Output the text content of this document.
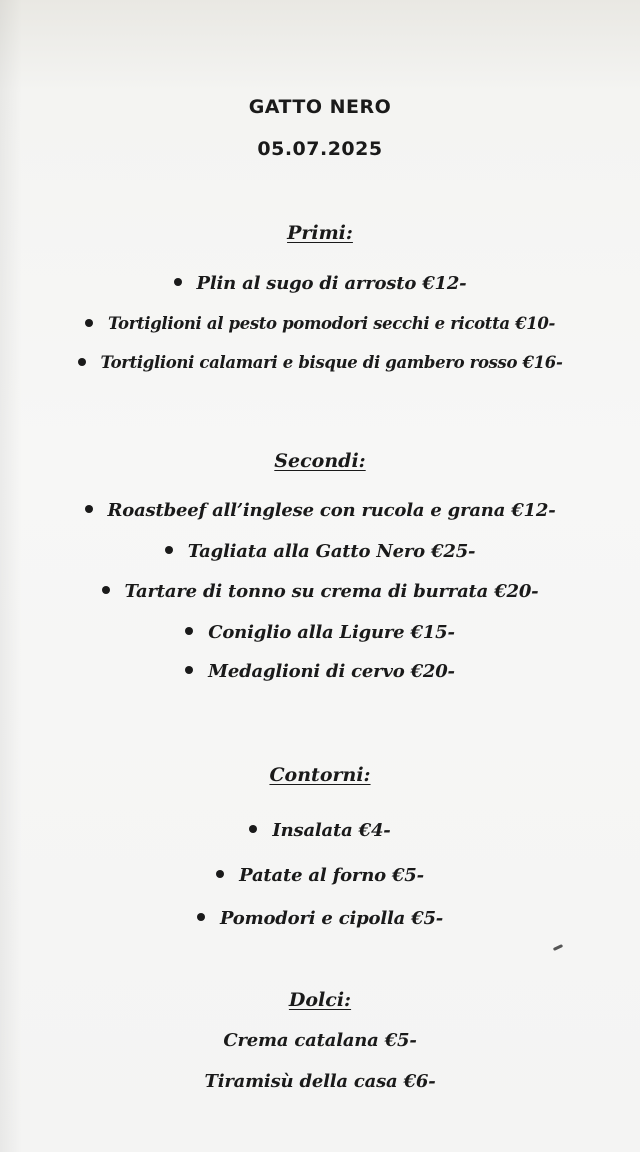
GATTO NERO
05.07.2025
Primi:
Plin al sugo di arrosto €12-
Tortiglioni al pesto pomodori secchi e ricotta €10-
Tortiglioni calamari e bisque di gambero rosso €16-
Secondi:
Roastbeef all’inglese con rucola e grana €12-
Tagliata alla Gatto Nero €25-
Tartare di tonno su crema di burrata €20-
Coniglio alla Ligure €15-
Medaglioni di cervo €20-
Contorni:
Insalata €4-
Patate al forno €5-
Pomodori e cipolla €5-
Dolci:
Crema catalana €5-
Tiramisù della casa €6-
